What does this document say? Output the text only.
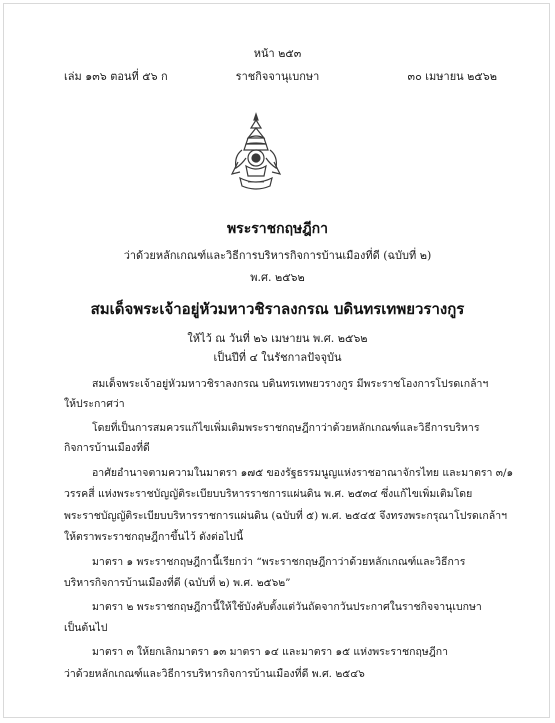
หน้า ๒๕๓
เล่ม ๑๓๖ ตอนที่ ๕๖ ก	ราชกิจจานุเบกษา	๓๐ เมษายน ๒๕๖๒
พระราชกฤษฎีกา
ว่าด้วยหลักเกณฑ์และวิธีการบริหารกิจการบ้านเมืองที่ดี (ฉบับที่ ๒)
พ.ศ. ๒๕๖๒
สมเด็จพระเจ้าอยู่หัวมหาวชิราลงกรณ บดินทรเทพยวรางกูร
ให้ไว้ ณ วันที่ ๒๖ เมษายน พ.ศ. ๒๕๖๒
เป็นปีที่ ๔ ในรัชกาลปัจจุบัน
สมเด็จพระเจ้าอยู่หัวมหาวชิราลงกรณ บดินทรเทพยวรางกูร มีพระราชโองการโปรดเกล้าฯ
ให้ประกาศว่า
โดยที่เป็นการสมควรแก้ไขเพิ่มเติมพระราชกฤษฎีกาว่าด้วยหลักเกณฑ์และวิธีการบริหาร
กิจการบ้านเมืองที่ดี
อาศัยอำนาจตามความในมาตรา ๑๗๕ ของรัฐธรรมนูญแห่งราชอาณาจักรไทย และมาตรา ๓/๑
วรรคสี่ แห่งพระราชบัญญัติระเบียบบริหารราชการแผ่นดิน พ.ศ. ๒๕๓๔ ซึ่งแก้ไขเพิ่มเติมโดย
พระราชบัญญัติระเบียบบริหารราชการแผ่นดิน (ฉบับที่ ๕) พ.ศ. ๒๕๔๕ จึงทรงพระกรุณาโปรดเกล้าฯ
ให้ตราพระราชกฤษฎีกาขึ้นไว้ ดังต่อไปนี้
มาตรา ๑ พระราชกฤษฎีกานี้เรียกว่า “พระราชกฤษฎีกาว่าด้วยหลักเกณฑ์และวิธีการ
บริหารกิจการบ้านเมืองที่ดี (ฉบับที่ ๒) พ.ศ. ๒๕๖๒”
มาตรา ๒ พระราชกฤษฎีกานี้ให้ใช้บังคับตั้งแต่วันถัดจากวันประกาศในราชกิจจานุเบกษา
เป็นต้นไป
มาตรา ๓ ให้ยกเลิกมาตรา ๑๓ มาตรา ๑๔ และมาตรา ๑๕ แห่งพระราชกฤษฎีกา
ว่าด้วยหลักเกณฑ์และวิธีการบริหารกิจการบ้านเมืองที่ดี พ.ศ. ๒๕๔๖
